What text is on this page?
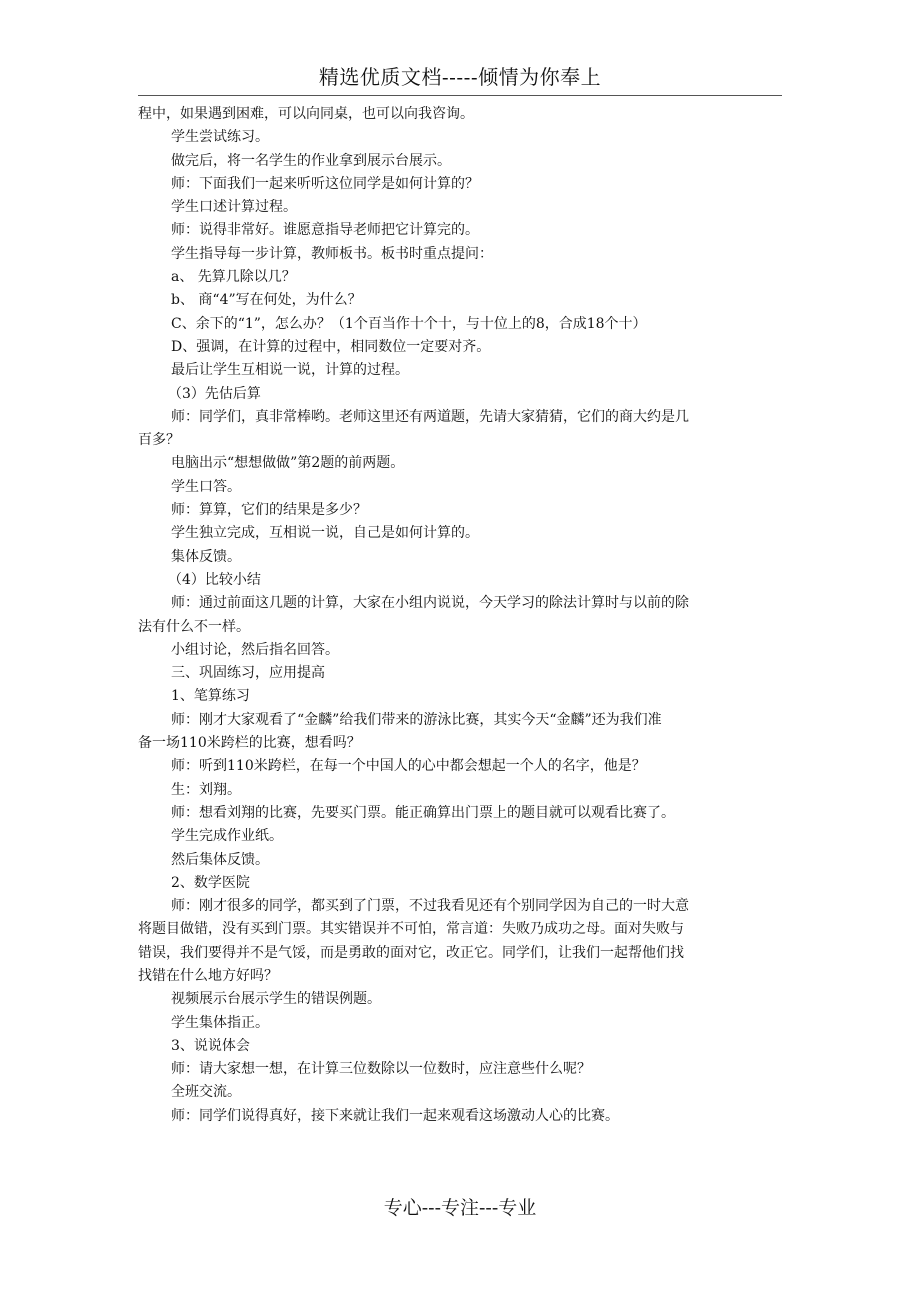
精选优质文档-----倾情为你奉上
程中，如果遇到困难，可以向同桌，也可以向我咨询。
学生尝试练习。
做完后，将一名学生的作业拿到展示台展示。
师：下面我们一起来听听这位同学是如何计算的？
学生口述计算过程。
师：说得非常好。谁愿意指导老师把它计算完的。
学生指导每一步计算，教师板书。板书时重点提问：
a、 先算几除以几？
b、 商“4”写在何处，为什么？
C、余下的“1”，怎么办？（1个百当作十个十，与十位上的8，合成18个十）
D、强调，在计算的过程中，相同数位一定要对齐。
最后让学生互相说一说，计算的过程。
（3）先估后算
师：同学们，真非常棒哟。老师这里还有两道题，先请大家猜猜，它们的商大约是几
百多？
电脑出示“想想做做”第2题的前两题。
学生口答。
师：算算，它们的结果是多少？
学生独立完成，互相说一说，自己是如何计算的。
集体反馈。
（4）比较小结
师：通过前面这几题的计算，大家在小组内说说，今天学习的除法计算时与以前的除
法有什么不一样。
小组讨论，然后指名回答。
三、巩固练习，应用提高
1、笔算练习
师：刚才大家观看了“金麟”给我们带来的游泳比赛，其实今天“金麟”还为我们准
备一场110米跨栏的比赛，想看吗？
师：听到110米跨栏，在每一个中国人的心中都会想起一个人的名字，他是？
生：刘翔。
师：想看刘翔的比赛，先要买门票。能正确算出门票上的题目就可以观看比赛了。
学生完成作业纸。
然后集体反馈。
2、数学医院
师：刚才很多的同学，都买到了门票，不过我看见还有个别同学因为自己的一时大意
将题目做错，没有买到门票。其实错误并不可怕，常言道：失败乃成功之母。面对失败与
错误，我们要得并不是气馁，而是勇敢的面对它，改正它。同学们，让我们一起帮他们找
找错在什么地方好吗？
视频展示台展示学生的错误例题。
学生集体指正。
3、说说体会
师：请大家想一想，在计算三位数除以一位数时，应注意些什么呢？
全班交流。
师：同学们说得真好，接下来就让我们一起来观看这场激动人心的比赛。
专心---专注---专业
